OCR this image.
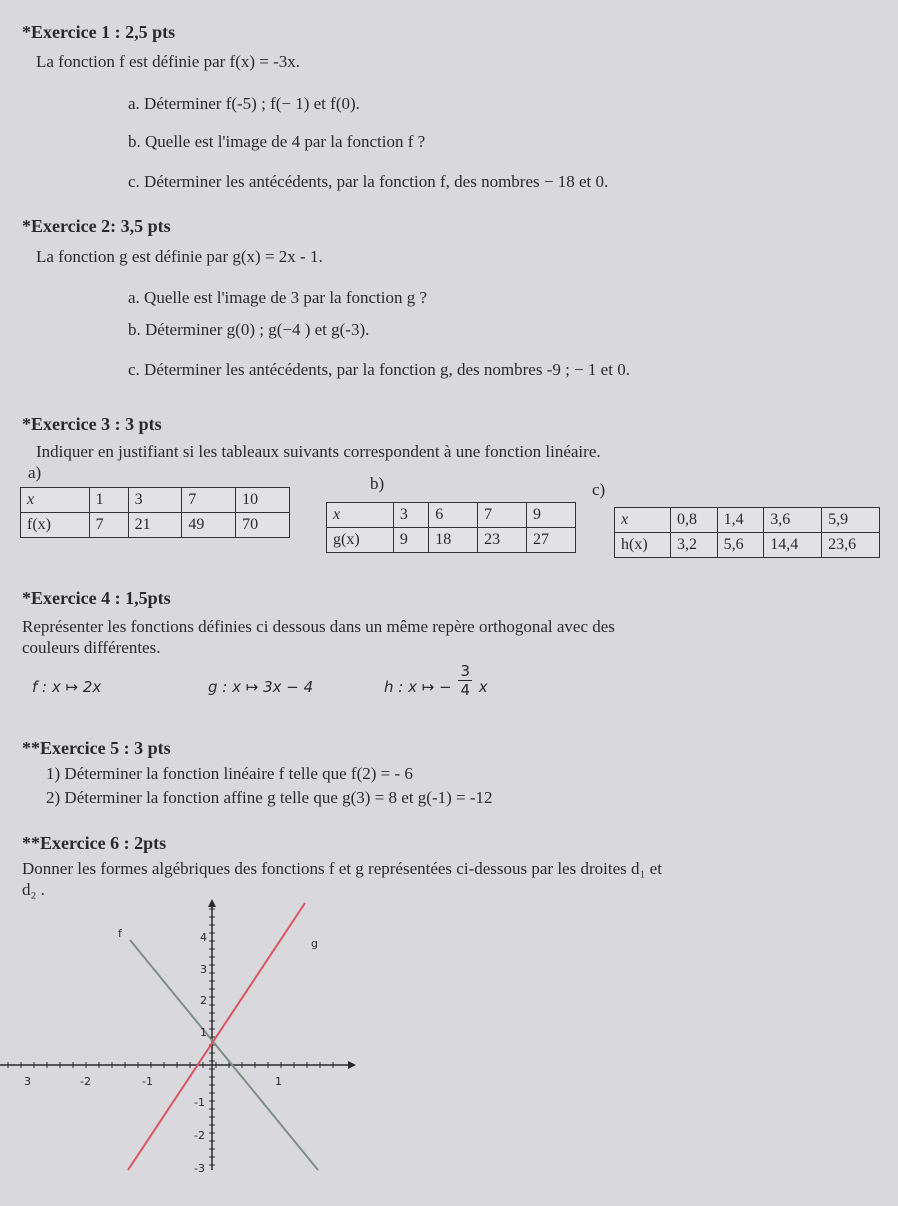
*Exercice 1 : 2,5 pts
La fonction f est définie par f(x) = -3x.
a. Déterminer f(-5) ; f(− 1) et f(0).
b. Quelle est l'image de 4 par la fonction f ?
c. Déterminer les antécédents, par la fonction f, des nombres − 18 et 0.
*Exercice 2: 3,5 pts
La fonction g est définie par g(x) = 2x - 1.
a. Quelle est l'image de 3 par la fonction g ?
b. Déterminer g(0) ; g(−4 ) et g(-3).
c. Déterminer les antécédents, par la fonction g, des nombres -9 ; − 1 et 0.
*Exercice 3 : 3 pts
Indiquer en justifiant si les tableaux suivants correspondent à une fonction linéaire.
a)
b)	c)
x	1	3	7	10
f(x)	7	21	49	70
x	3	6	7	9
g(x)	9	18	23	27
x	0,8	1,4	3,6	5,9
h(x)	3,2	5,6	14,4	23,6
*Exercice 4 : 1,5pts
Représenter les fonctions définies ci dessous dans un même repère orthogonal avec des
couleurs différentes.
f : x ↦ 2x	g : x ↦ 3x − 4	h : x ↦ − $\frac{3}{4}$ x
**Exercice 5 : 3 pts
1) Déterminer la fonction linéaire f telle que f(2) = - 6
2) Déterminer la fonction affine g telle que g(3) = 8 et g(-1) = -12
**Exercice 6 : 2pts
Donner les formes algébriques des fonctions f et g représentées ci-dessous par les droites d₁ et
d₂ .
f
g
3	-2	-1	1
4
3
2
1
-1
-2
-3
